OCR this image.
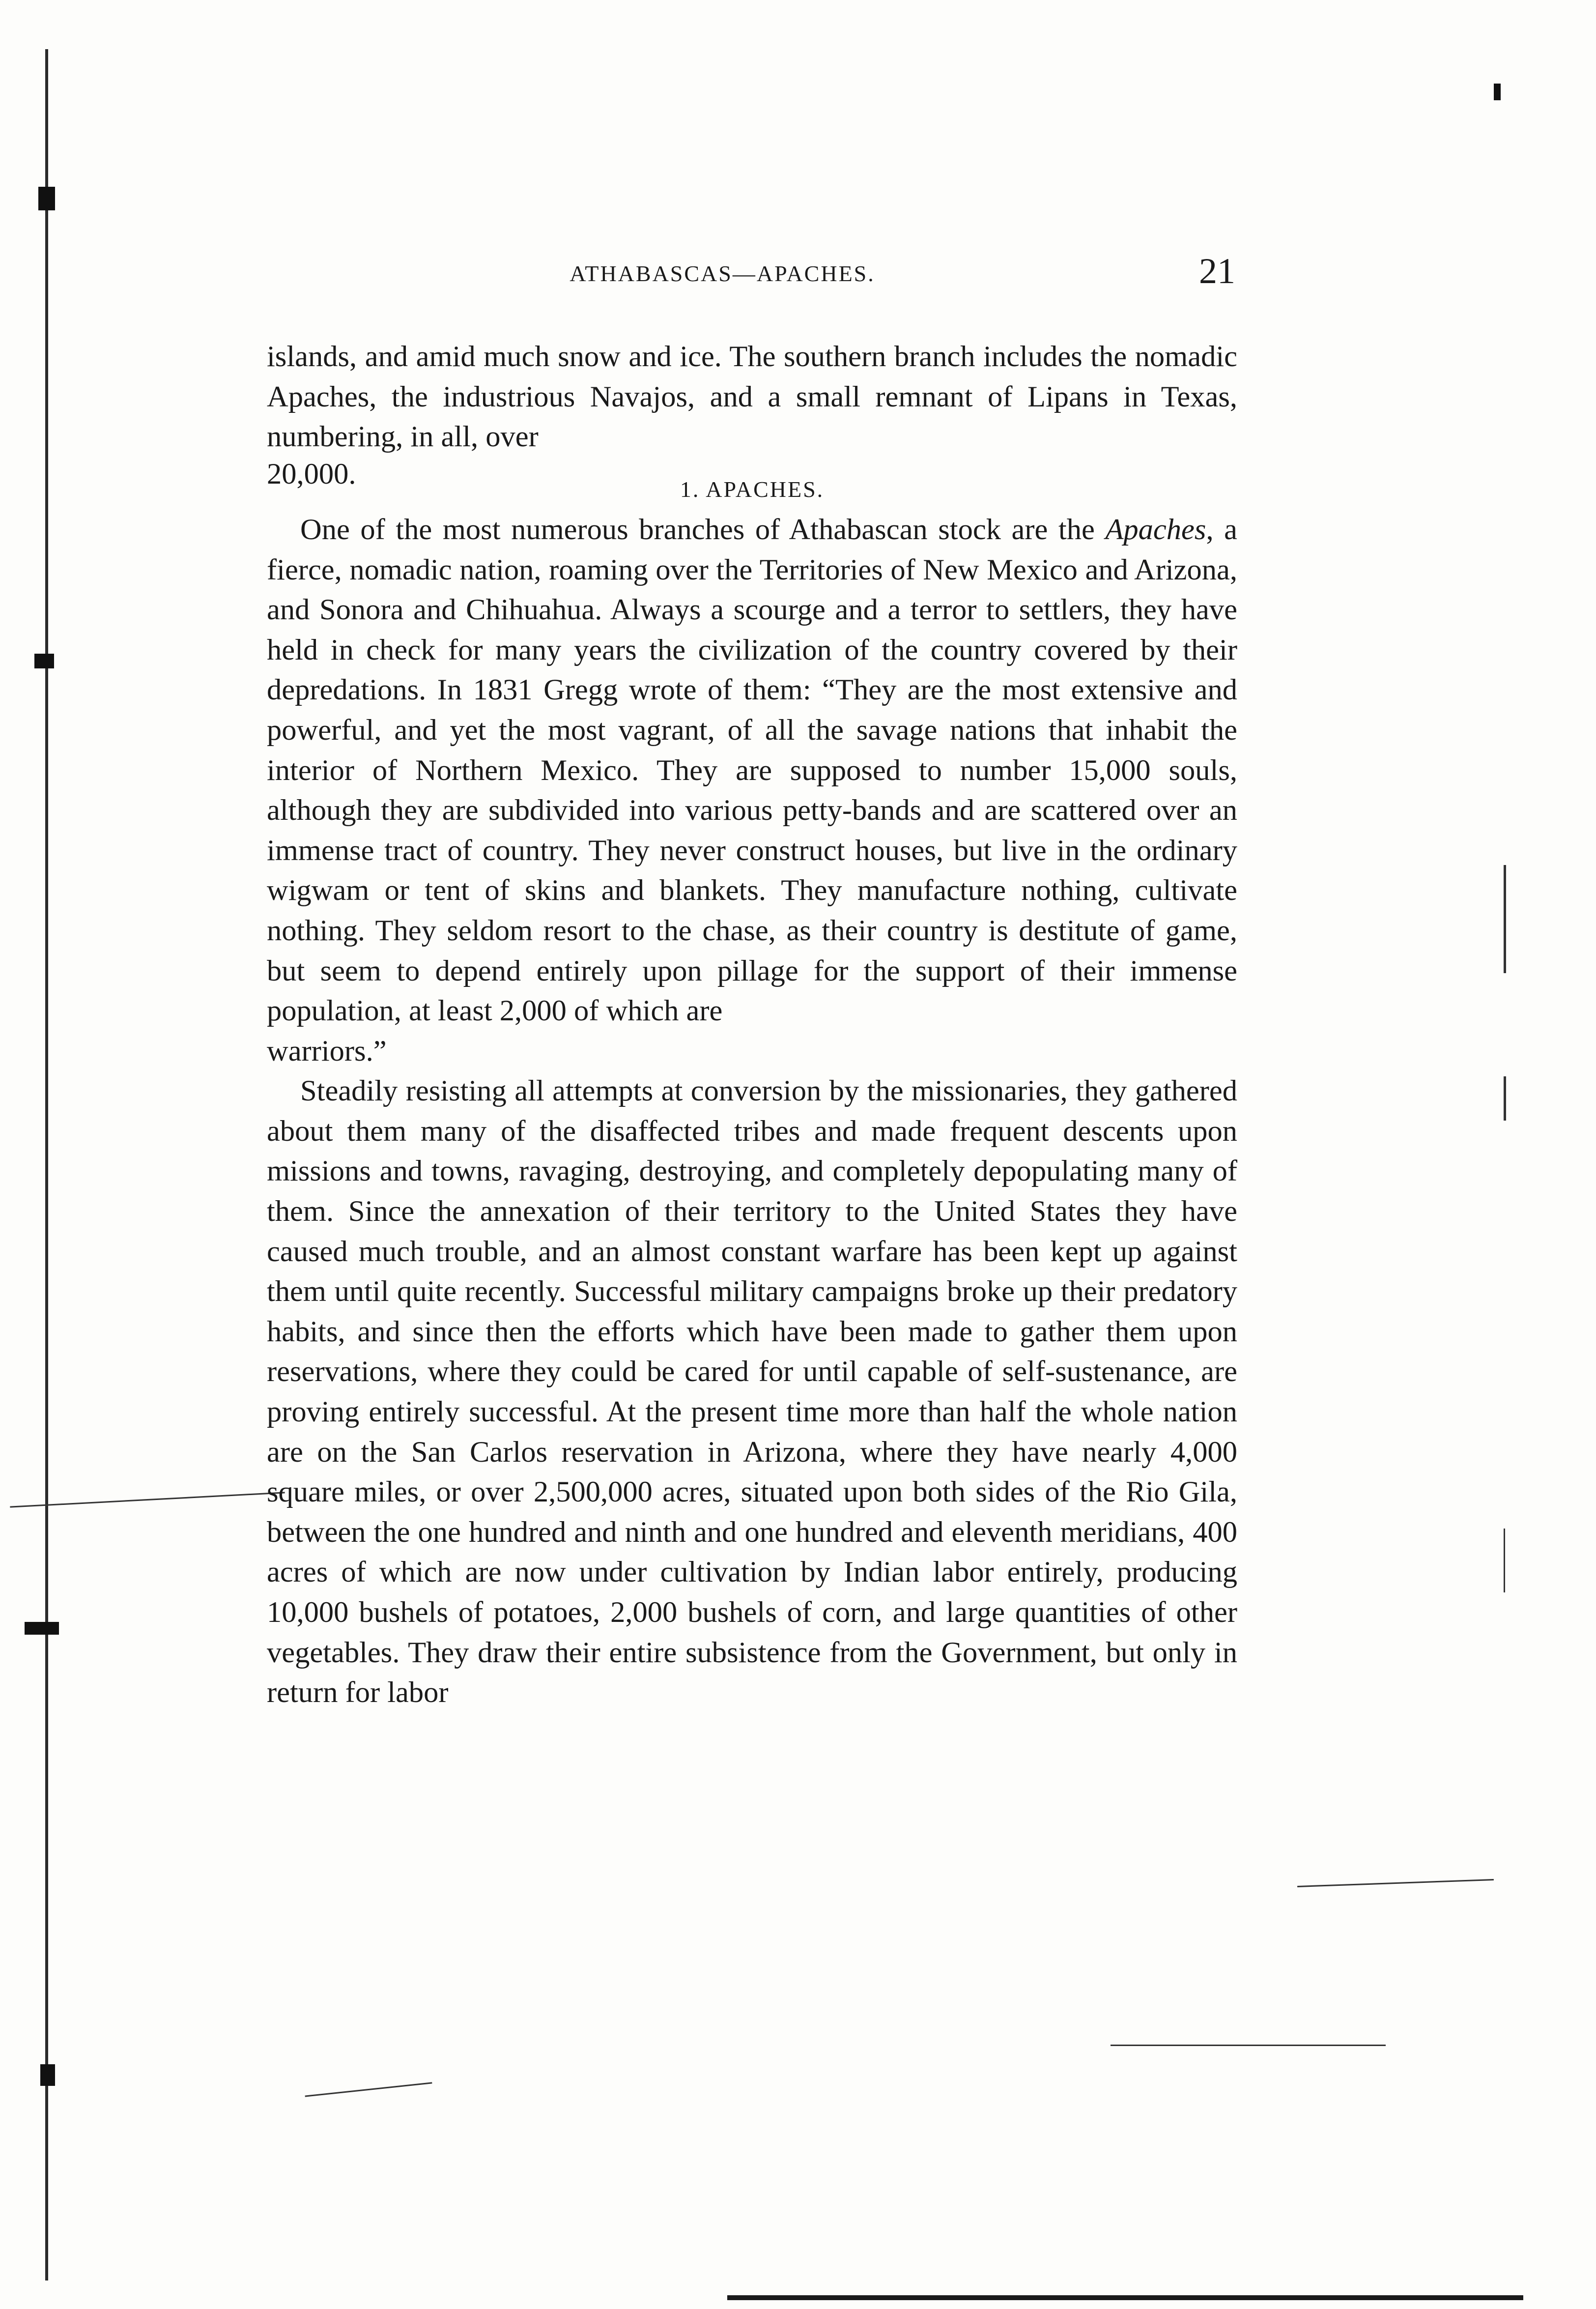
ATHABASCAS—APACHES.	21

islands, and amid much snow and ice. The southern branch includes the nomadic Apaches, the industrious Navajos, and a small remnant of Lipans in Texas, numbering, in all, over

20,000.	1. APACHES.

One of the most numerous branches of Athabascan stock are the Apaches, a fierce, nomadic nation, roaming over the Territories of New Mexico and Arizona, and Sonora and Chihuahua. Always a scourge and a terror to settlers, they have held in check for many years the civilization of the country covered by their depredations. In 1831 Gregg wrote of them: “They are the most extensive and powerful, and yet the most vagrant, of all the savage nations that inhabit the interior of Northern Mexico. They are supposed to number 15,000 souls, although they are subdivided into various petty-bands and are scattered over an immense tract of country. They never construct houses, but live in the ordinary wigwam or tent of skins and blankets. They manufacture nothing, cultivate nothing. They seldom resort to the chase, as their country is destitute of game, but seem to depend entirely upon pillage for the support of their immense population, at least 2,000 of which are

warriors.”

Steadily resisting all attempts at conversion by the missionaries, they gathered about them many of the disaffected tribes and made frequent descents upon missions and towns, ravaging, destroying, and completely depopulating many of them. Since the annexation of their territory to the United States they have caused much trouble, and an almost constant warfare has been kept up against them until quite recently. Successful military campaigns broke up their predatory habits, and since then the efforts which have been made to gather them upon reservations, where they could be cared for until capable of self-sustenance, are proving entirely successful. At the present time more than half the whole nation are on the San Carlos reservation in Arizona, where they have nearly 4,000 square miles, or over 2,500,000 acres, situated upon both sides of the Rio Gila, between the one hundred and ninth and one hundred and eleventh meridians, 400 acres of which are now under cultivation by Indian labor entirely, producing 10,000 bushels of potatoes, 2,000 bushels of corn, and large quantities of other vegetables. They draw their entire subsistence from the Government, but only in return for labor
